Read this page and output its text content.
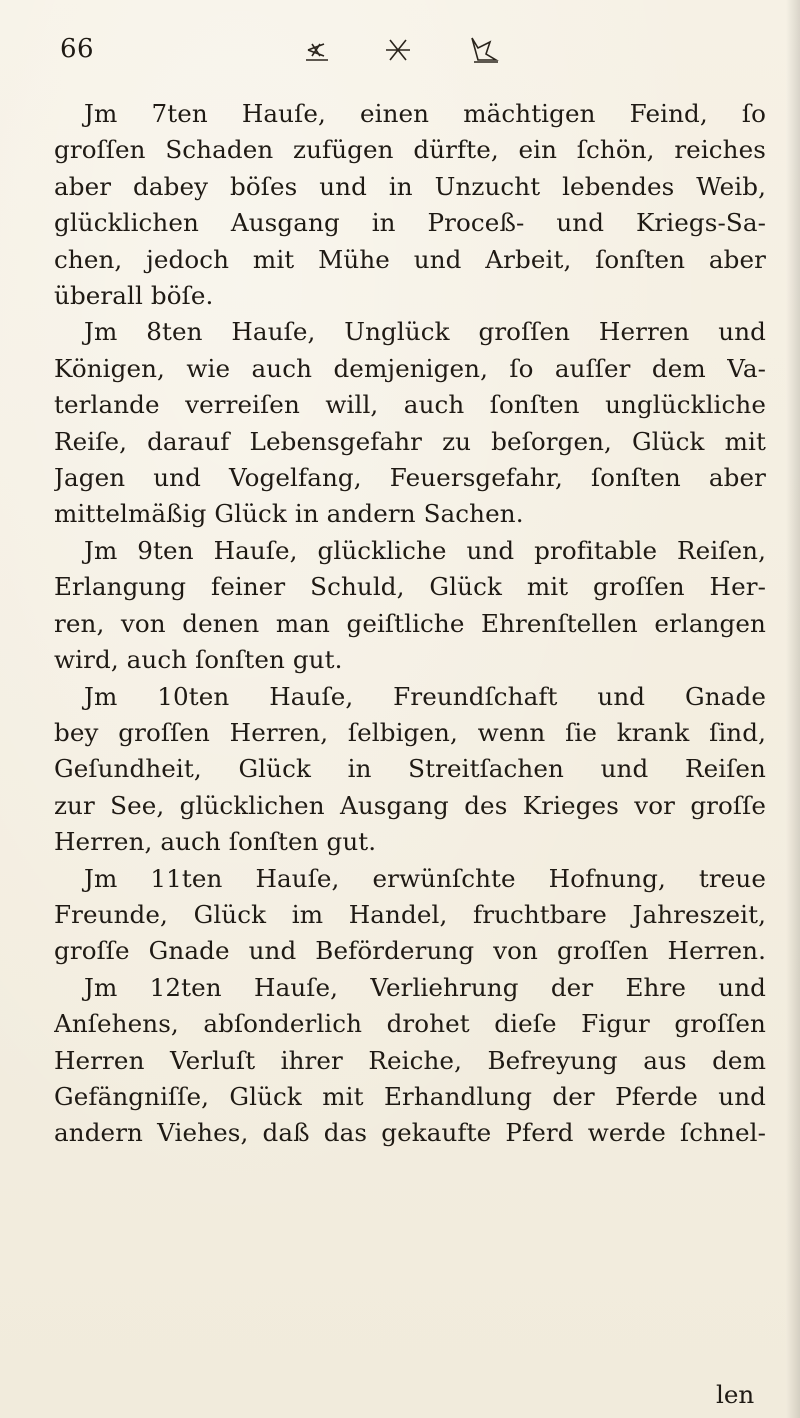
66

Jm 7ten Hauſe, einen mächtigen Feind, ſo
groſſen Schaden zufügen dürfte, ein ſchön, reiches
aber dabey böſes und in Unzucht lebendes Weib,
glücklichen Ausgang in Proceß- und Kriegs-Sa-
chen, jedoch mit Mühe und Arbeit, ſonſten aber
überall böſe.

Jm 8ten Hauſe, Unglück groſſen Herren und
Königen, wie auch demjenigen, ſo auſſer dem Va-
terlande verreiſen will, auch ſonſten unglückliche
Reiſe, darauf Lebensgefahr zu beſorgen, Glück mit
Jagen und Vogelfang, Feuersgefahr, ſonſten aber
mittelmäßig Glück in andern Sachen.

Jm 9ten Hauſe, glückliche und profitable Reiſen,
Erlangung feiner Schuld, Glück mit groſſen Her-
ren, von denen man geiſtliche Ehrenſtellen erlangen
wird, auch ſonſten gut.

Jm 10ten Hauſe, Freundſchaft und Gnade
bey groſſen Herren, ſelbigen, wenn ſie krank ſind,
Geſundheit, Glück in Streitſachen und Reiſen
zur See, glücklichen Ausgang des Krieges vor groſſe
Herren, auch ſonſten gut.

Jm 11ten Hauſe, erwünſchte Hofnung, treue
Freunde, Glück im Handel, fruchtbare Jahreszeit,
groſſe Gnade und Beförderung von groſſen Herren.

Jm 12ten Hauſe, Verliehrung der Ehre und
Anſehens, abſonderlich drohet dieſe Figur groſſen
Herren Verluſt ihrer Reiche, Befreyung aus dem
Gefängniſſe, Glück mit Erhandlung der Pferde und
andern Viehes, daß das gekaufte Pferd werde ſchnel-

len
